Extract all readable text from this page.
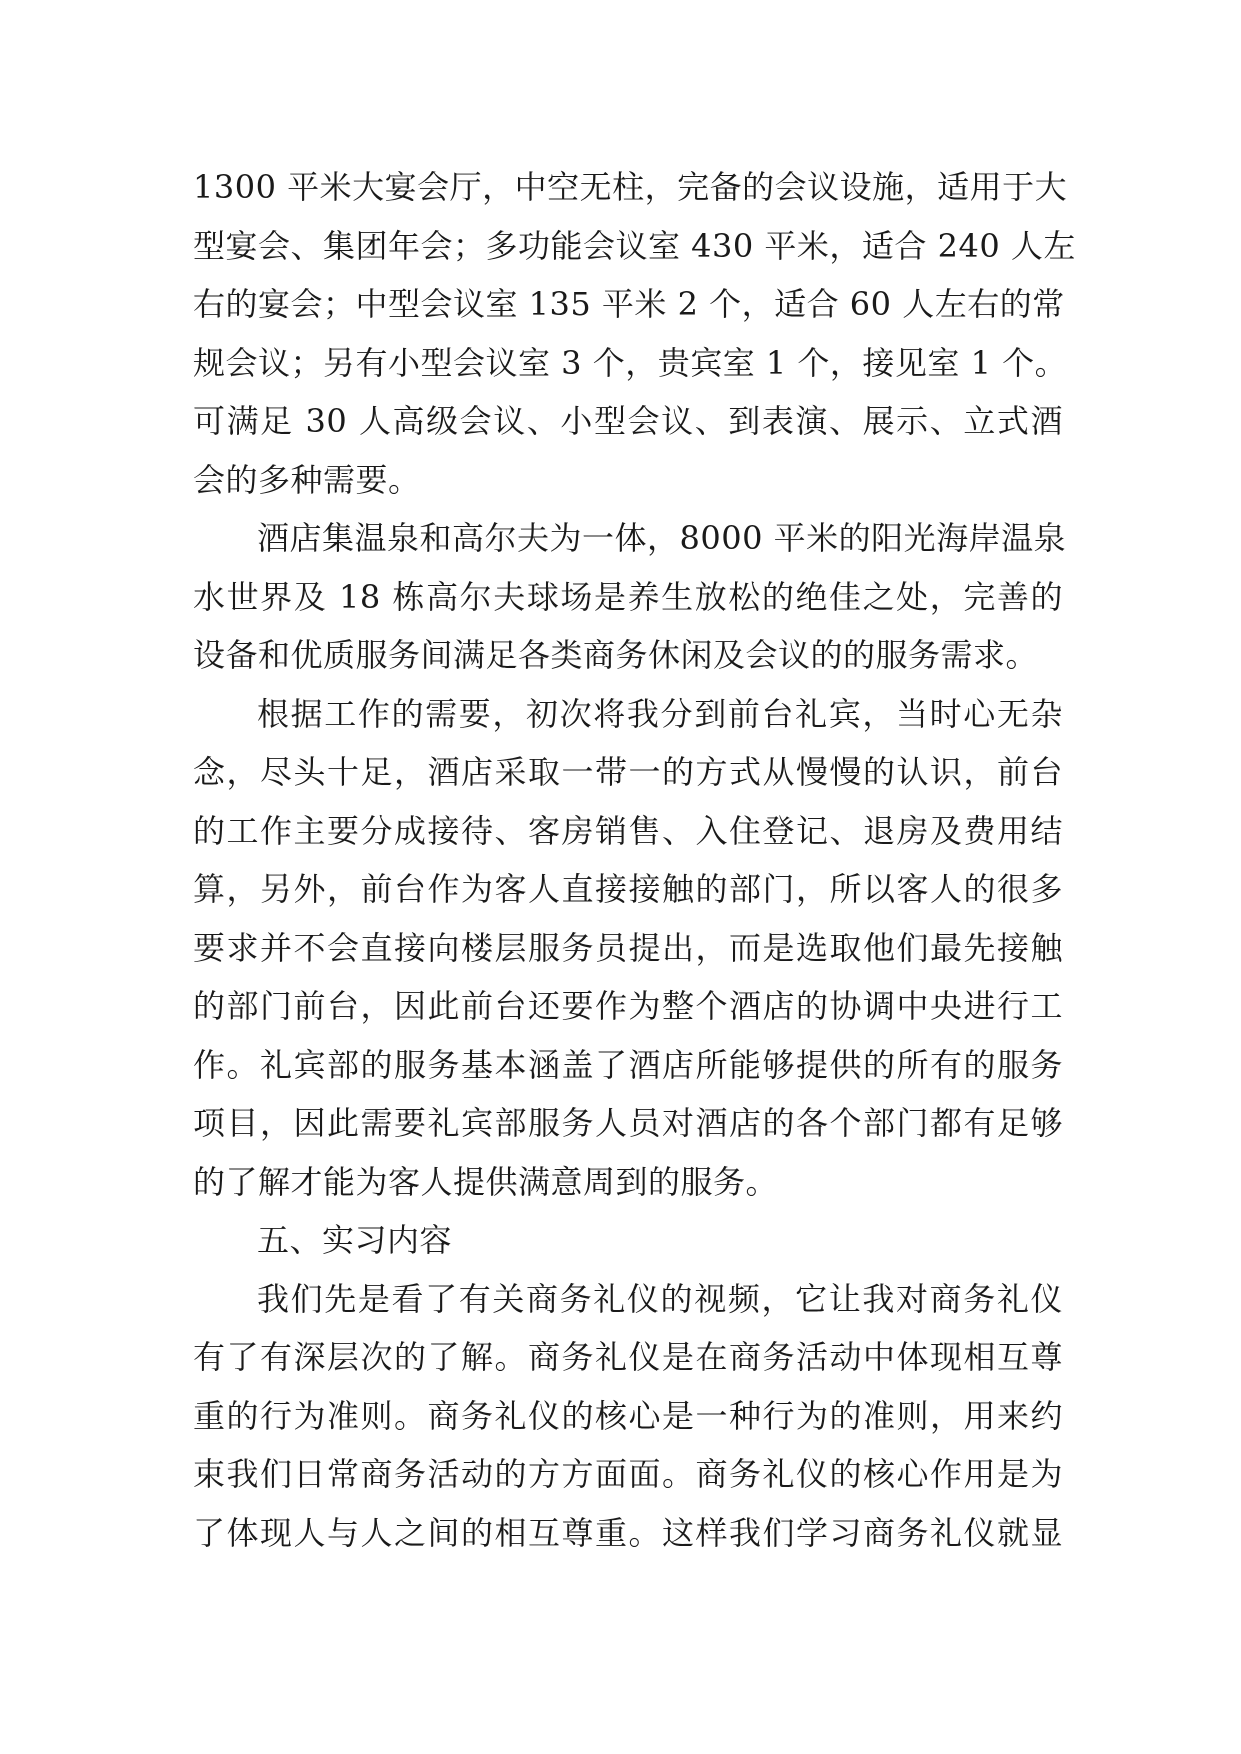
1300 平米大宴会厅，中空无柱，完备的会议设施，适用于大
型宴会、集团年会；多功能会议室 430 平米，适合 240 人左
右的宴会；中型会议室 135 平米 2 个，适合 60 人左右的常
规会议；另有小型会议室 3 个，贵宾室 1 个，接见室 1 个。
可满足 30 人高级会议、小型会议、到表演、展示、立式酒
会的多种需要。
酒店集温泉和高尔夫为一体，8000 平米的阳光海岸温泉
水世界及 18 栋高尔夫球场是养生放松的绝佳之处，完善的
设备和优质服务间满足各类商务休闲及会议的的服务需求。
根据工作的需要，初次将我分到前台礼宾，当时心无杂
念，尽头十足，酒店采取一带一的方式从慢慢的认识，前台
的工作主要分成接待、客房销售、入住登记、退房及费用结
算，另外，前台作为客人直接接触的部门，所以客人的很多
要求并不会直接向楼层服务员提出，而是选取他们最先接触
的部门前台，因此前台还要作为整个酒店的协调中央进行工
作。礼宾部的服务基本涵盖了酒店所能够提供的所有的服务
项目，因此需要礼宾部服务人员对酒店的各个部门都有足够
的了解才能为客人提供满意周到的服务。
五、实习内容
我们先是看了有关商务礼仪的视频，它让我对商务礼仪
有了有深层次的了解。商务礼仪是在商务活动中体现相互尊
重的行为准则。商务礼仪的核心是一种行为的准则，用来约
束我们日常商务活动的方方面面。商务礼仪的核心作用是为
了体现人与人之间的相互尊重。这样我们学习商务礼仪就显
